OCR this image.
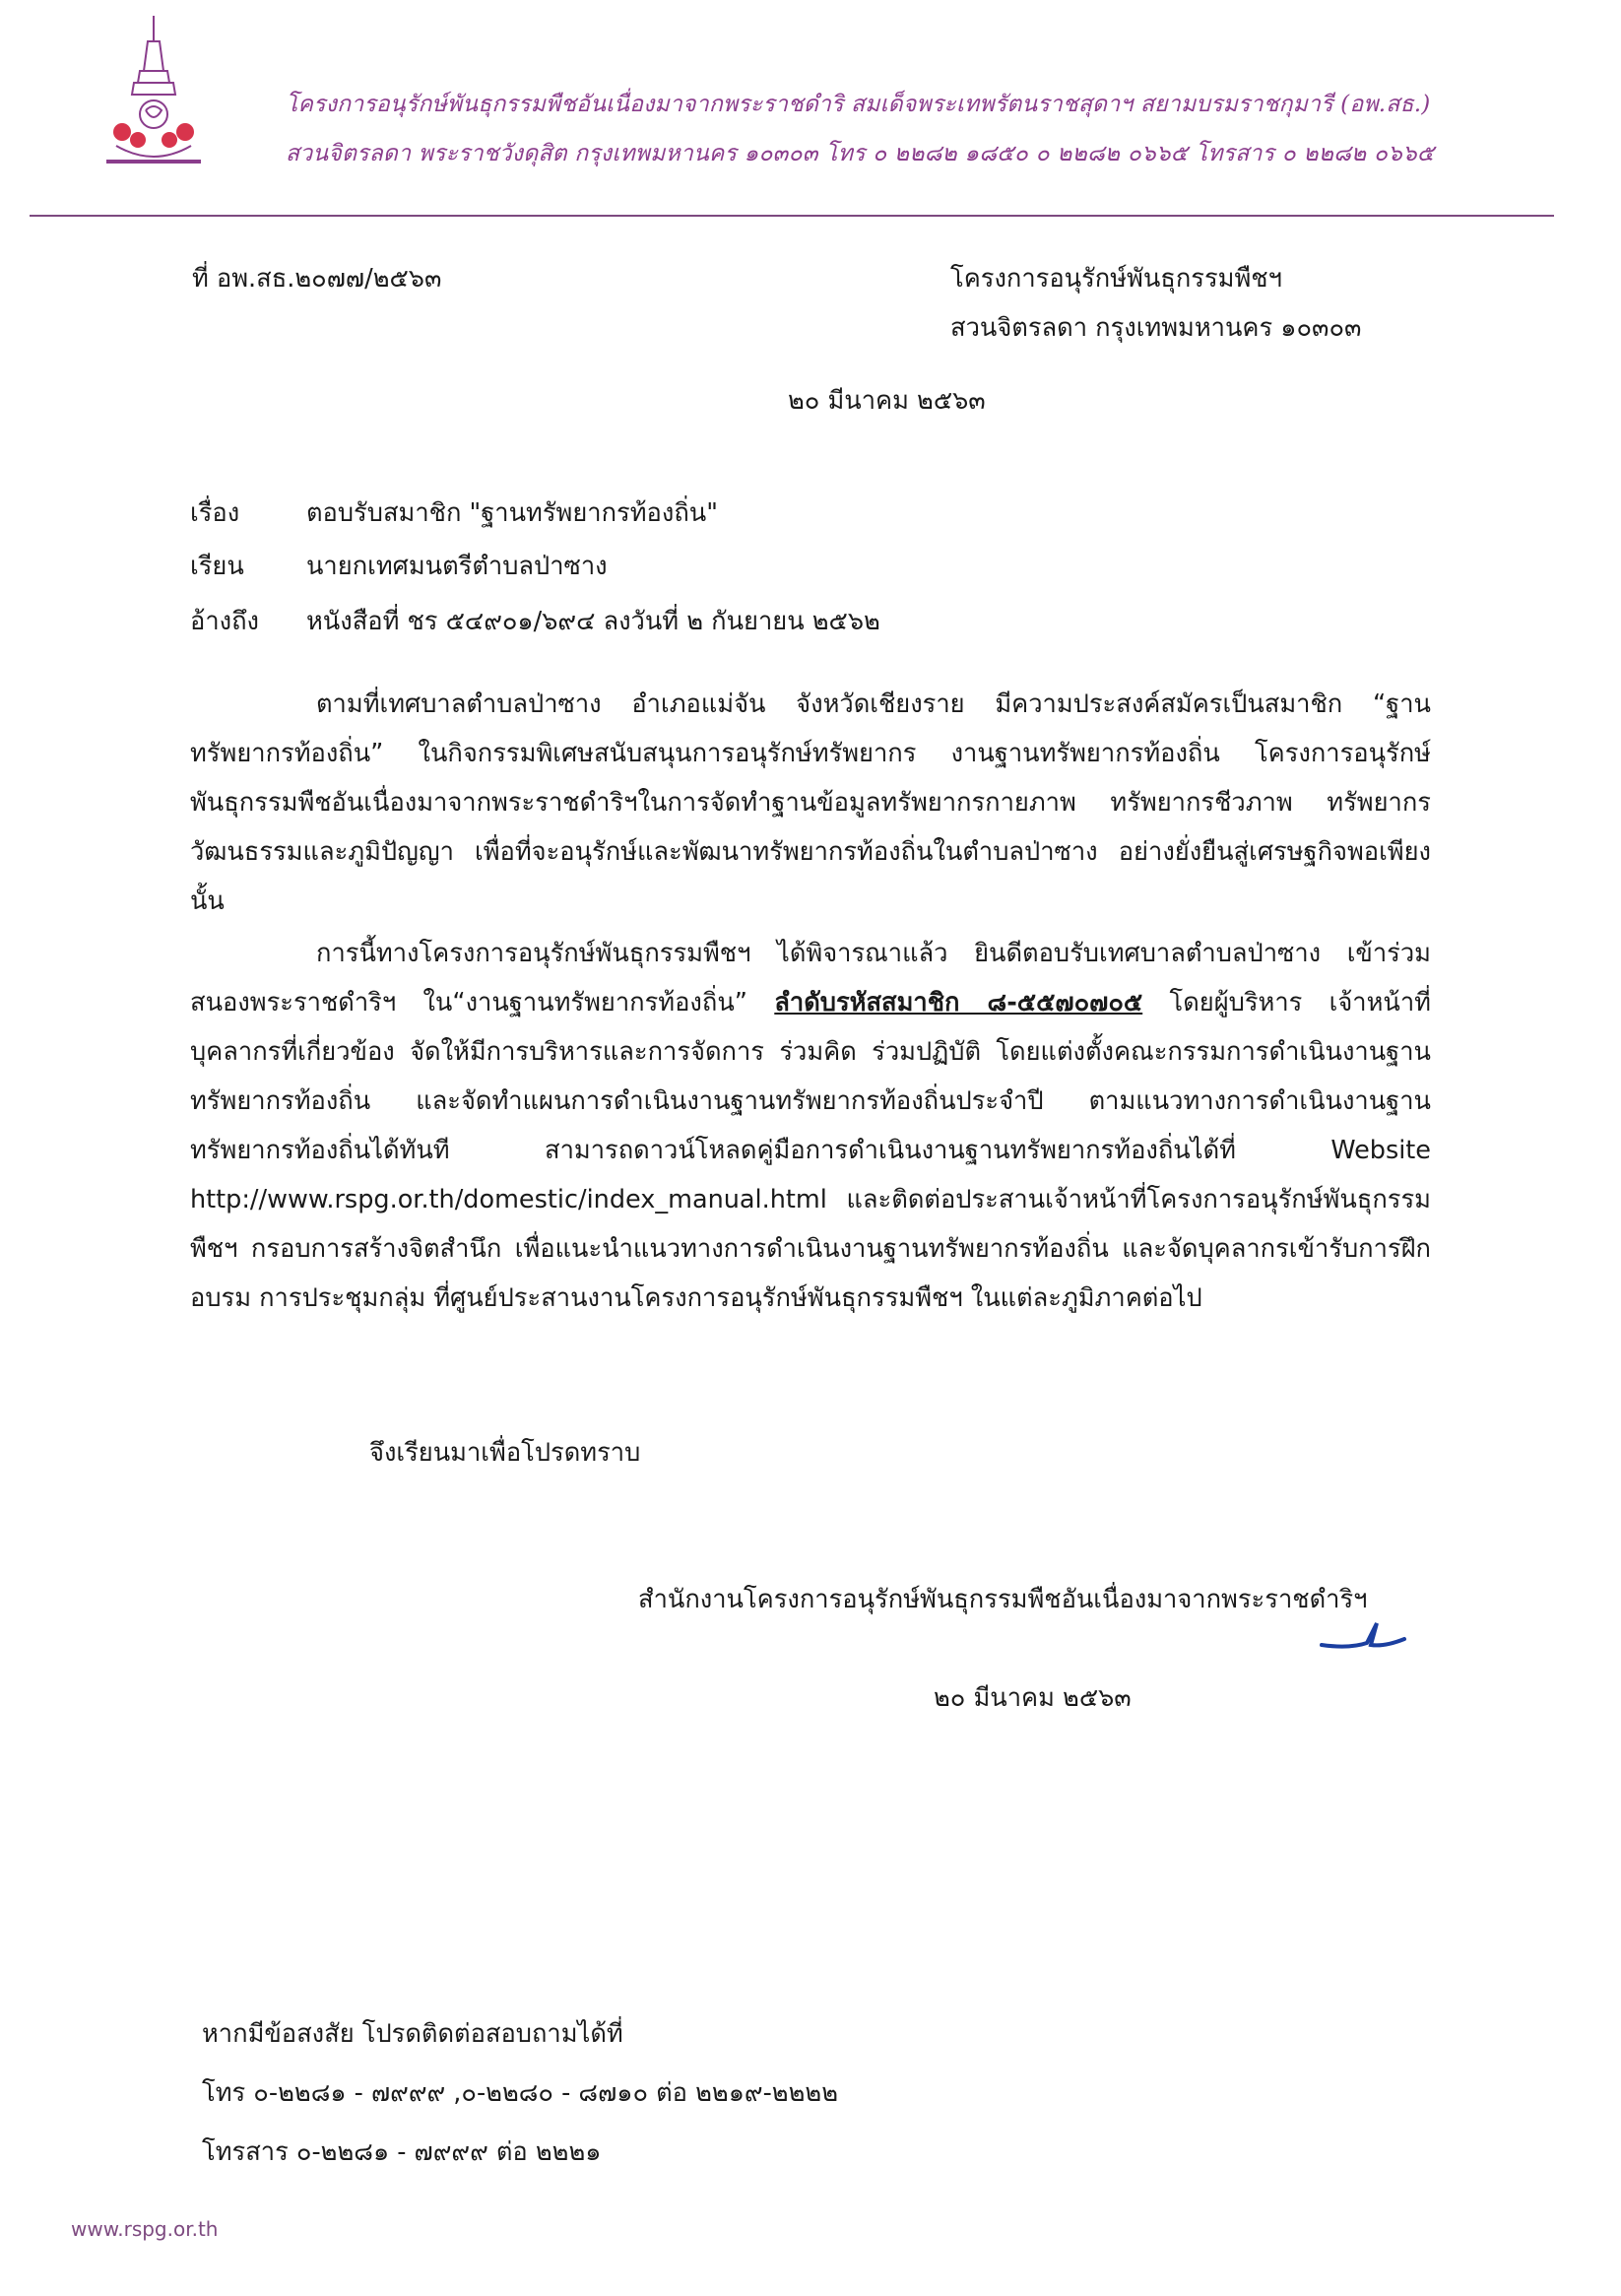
โครงการอนุรักษ์พันธุกรรมพืชอันเนื่องมาจากพระราชดำริ สมเด็จพระเทพรัตนราชสุดาฯ สยามบรมราชกุมารี (อพ.สธ.)
สวนจิตรลดา พระราชวังดุสิต กรุงเทพมหานคร ๑๐๓๐๓ โทร ๐ ๒๒๘๒ ๑๘๕๐ ๐ ๒๒๘๒ ๐๖๖๕ โทรสาร ๐ ๒๒๘๒ ๐๖๖๕
ที่ อพ.สธ.๒๐๗๗/๒๕๖๓	โครงการอนุรักษ์พันธุกรรมพืชฯ
สวนจิตรลดา กรุงเทพมหานคร ๑๐๓๐๓
๒๐ มีนาคม ๒๕๖๓
เรื่อง	ตอบรับสมาชิก "ฐานทรัพยากรท้องถิ่น"
เรียน นายกเทศมนตรีตำบลป่าซาง
อ้างถึง หนังสือที่ ชร ๕๔๙๐๑/๖๙๔ ลงวันที่ ๒ กันยายน ๒๕๖๒
ตามที่เทศบาลตำบลป่าซาง อำเภอแม่จัน จังหวัดเชียงราย มีความประสงค์สมัครเป็นสมาชิก “ฐานทรัพยากรท้องถิ่น” ในกิจกรรมพิเศษสนับสนุนการอนุรักษ์ทรัพยากร งานฐานทรัพยากรท้องถิ่น โครงการอนุรักษ์พันธุกรรมพืชอันเนื่องมาจากพระราชดำริฯในการจัดทำฐานข้อมูลทรัพยากรกายภาพ ทรัพยากรชีวภาพ ทรัพยากรวัฒนธรรมและภูมิปัญญา เพื่อที่จะอนุรักษ์และพัฒนาทรัพยากรท้องถิ่นในตำบลป่าซาง อย่างยั่งยืนสู่เศรษฐกิจพอเพียง นั้น
การนี้ทางโครงการอนุรักษ์พันธุกรรมพืชฯ ได้พิจารณาแล้ว ยินดีตอบรับเทศบาลตำบลป่าซาง เข้าร่วมสนองพระราชดำริฯ ใน“งานฐานทรัพยากรท้องถิ่น” ลำดับรหัสสมาชิก ๘-๕๕๗๐๗๐๕ โดยผู้บริหาร เจ้าหน้าที่ บุคลากรที่เกี่ยวข้อง จัดให้มีการบริหารและการจัดการ ร่วมคิด ร่วมปฏิบัติ โดยแต่งตั้งคณะกรรมการดำเนินงานฐานทรัพยากรท้องถิ่น และจัดทำแผนการดำเนินงานฐานทรัพยากรท้องถิ่นประจำปี ตามแนวทางการดำเนินงานฐานทรัพยากรท้องถิ่นได้ทันที สามารถดาวน์โหลดคู่มือการดำเนินงานฐานทรัพยากรท้องถิ่นได้ที่ Website http://www.rspg.or.th/domestic/index_manual.html และติดต่อประสานเจ้าหน้าที่โครงการอนุรักษ์พันธุกรรมพืชฯ กรอบการสร้างจิตสำนึก เพื่อแนะนำแนวทางการดำเนินงานฐานทรัพยากรท้องถิ่น และจัดบุคลากรเข้ารับการฝึกอบรม การประชุมกลุ่ม ที่ศูนย์ประสานงานโครงการอนุรักษ์พันธุกรรมพืชฯ ในแต่ละภูมิภาคต่อไป
จึงเรียนมาเพื่อโปรดทราบ
สำนักงานโครงการอนุรักษ์พันธุกรรมพืชอันเนื่องมาจากพระราชดำริฯ
๒๐ มีนาคม ๒๕๖๓
หากมีข้อสงสัย โปรดติดต่อสอบถามได้ที่
โทร ๐-๒๒๘๑ - ๗๙๙๙ ,๐-๒๒๘๐ - ๘๗๑๐ ต่อ ๒๒๑๙-๒๒๒๒
โทรสาร ๐-๒๒๘๑ - ๗๙๙๙ ต่อ ๒๒๒๑
www.rspg.or.th
